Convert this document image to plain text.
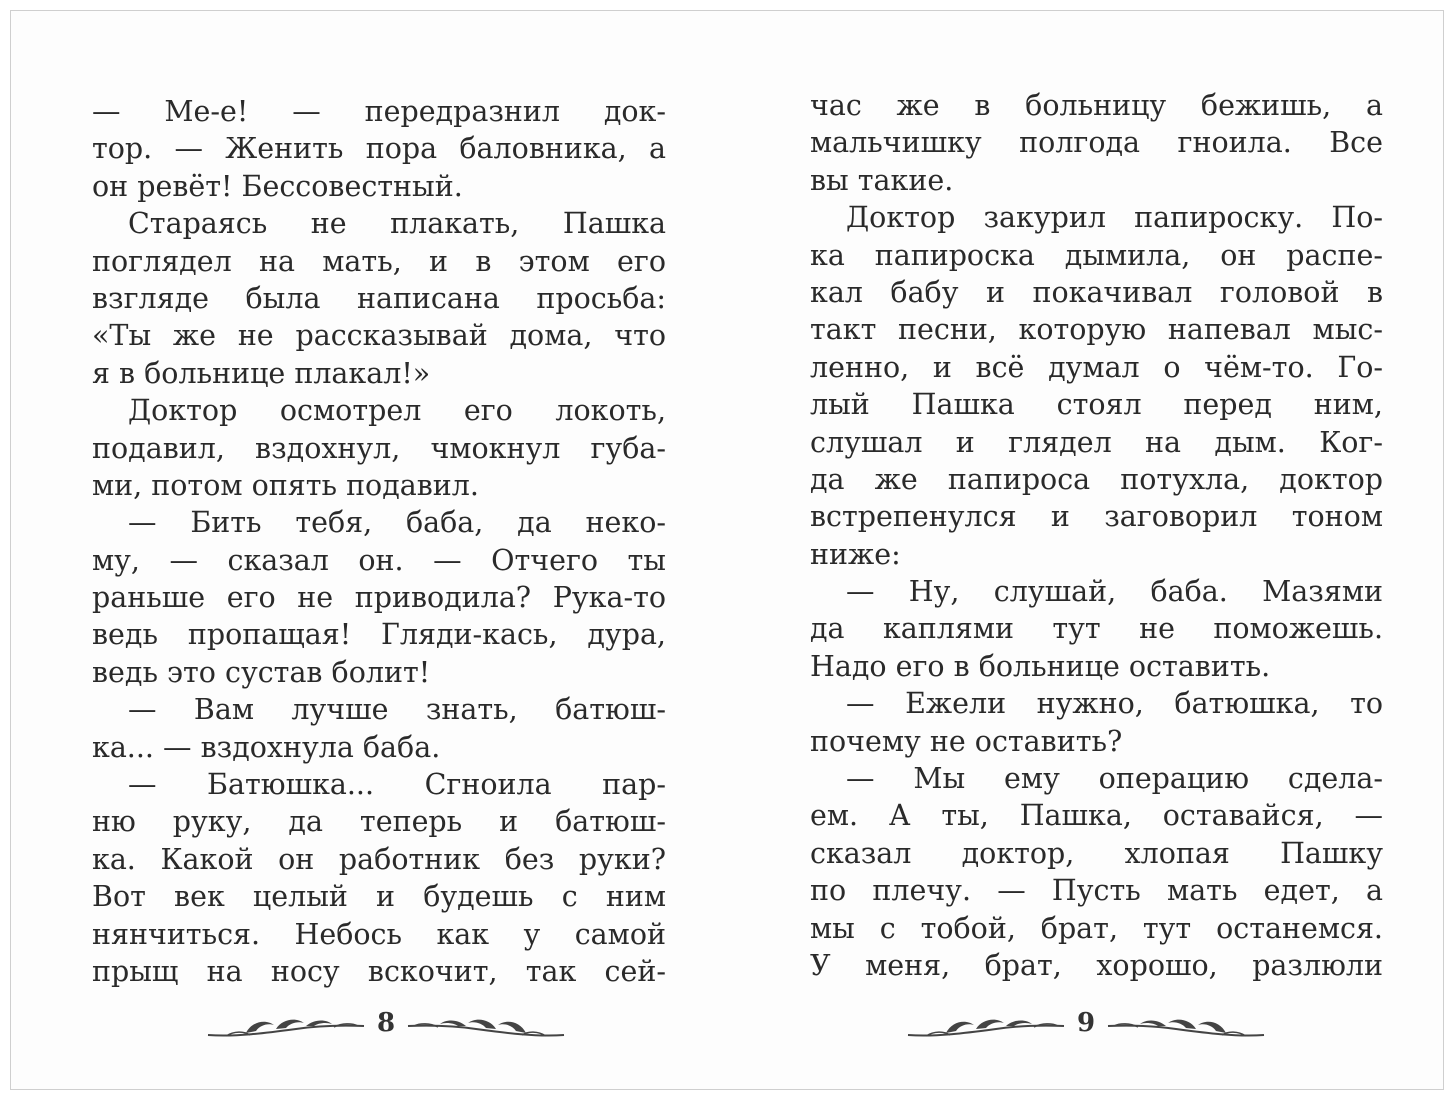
— Ме-е! — передразнил док-
тор. — Женить пора баловника, а
он ревёт! Бессовестный.
Стараясь не плакать, Пашка
поглядел на мать, и в этом его
взгляде была написана просьба:
«Ты же не рассказывай дома, что
я в больнице плакал!»
Доктор осмотрел его локоть,
подавил, вздохнул, чмокнул губа-
ми, потом опять подавил.
— Бить тебя, баба, да неко-
му, — сказал он. — Отчего ты
раньше его не приводила? Рука-то
ведь пропащая! Гляди-кась, дура,
ведь это сустав болит!
— Вам лучше знать, батюш-
ка... — вздохнула баба.
— Батюшка... Сгноила пар-
ню руку, да теперь и батюш-
ка. Какой он работник без руки?
Вот век целый и будешь с ним
нянчиться. Небось как у самой
прыщ на носу вскочит, так сей-
8
час же в больницу бежишь, а
мальчишку полгода гноила. Все
вы такие.
Доктор закурил папироску. По-
ка папироска дымила, он распе-
кал бабу и покачивал головой в
такт песни, которую напевал мыс-
ленно, и всё думал о чём-то. Го-
лый Пашка стоял перед ним,
слушал и глядел на дым. Ког-
да же папироса потухла, доктор
встрепенулся и заговорил тоном
ниже:
— Ну, слушай, баба. Мазями
да каплями тут не поможешь.
Надо его в больнице оставить.
— Ежели нужно, батюшка, то
почему не оставить?
— Мы ему операцию сдела-
ем. А ты, Пашка, оставайся, —
сказал доктор, хлопая Пашку
по плечу. — Пусть мать едет, а
мы с тобой, брат, тут останемся.
У меня, брат, хорошо, разлюли
9
